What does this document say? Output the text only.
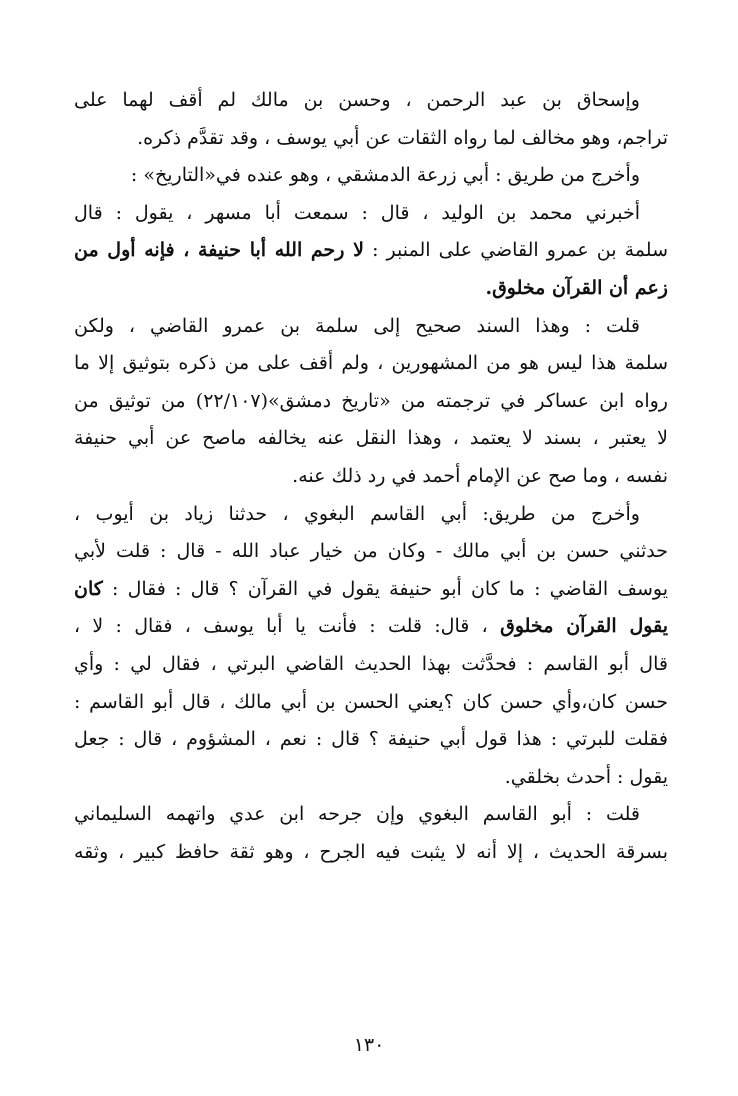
وإسحاق بن عبد الرحمن ، وحسن بن مالك لم أقف لهما على
تراجم، وهو مخالف لما رواه الثقات عن أبي يوسف ، وقد تقدَّم ذكره.
وأخرج من طريق : أبي زرعة الدمشقي ، وهو عنده في«التاريخ» :
أخبرني محمد بن الوليد ، قال : سمعت أبا مسهر ، يقول : قال
سلمة بن عمرو القاضي على المنبر : لا رحم الله أبا حنيفة ، فإنه أول من
زعم أن القرآن مخلوق.
قلت : وهذا السند صحيح إلى سلمة بن عمرو القاضي ، ولكن
سلمة هذا ليس هو من المشهورين ، ولم أقف على من ذكره بتوثيق إلا ما
رواه ابن عساكر في ترجمته من «تاريخ دمشق»(٢٢/١٠٧) من توثيق من
لا يعتبر ، بسند لا يعتمد ، وهذا النقل عنه يخالفه ماصح عن أبي حنيفة
نفسه ، وما صح عن الإمام أحمد في رد ذلك عنه.
وأخرج من طريق: أبي القاسم البغوي ، حدثنا زياد بن أيوب ،
حدثني حسن بن أبي مالك - وكان من خيار عباد الله - قال : قلت لأبي
يوسف القاضي : ما كان أبو حنيفة يقول في القرآن ؟ قال : فقال : كان
يقول القرآن مخلوق ، قال: قلت : فأنت يا أبا يوسف ، فقال : لا ،
قال أبو القاسم : فحدَّثت بهذا الحديث القاضي البرتي ، فقال لي : وأي
حسن كان،وأي حسن كان ؟يعني الحسن بن أبي مالك ، قال أبو القاسم :
فقلت للبرتي : هذا قول أبي حنيفة ؟ قال : نعم ، المشؤوم ، قال : جعل
يقول : أحدث بخلقي.
قلت : أبو القاسم البغوي وإن جرحه ابن عدي واتهمه السليماني
بسرقة الحديث ، إلا أنه لا يثبت فيه الجرح ، وهو ثقة حافظ كبير ، وثقه
١٣٠
